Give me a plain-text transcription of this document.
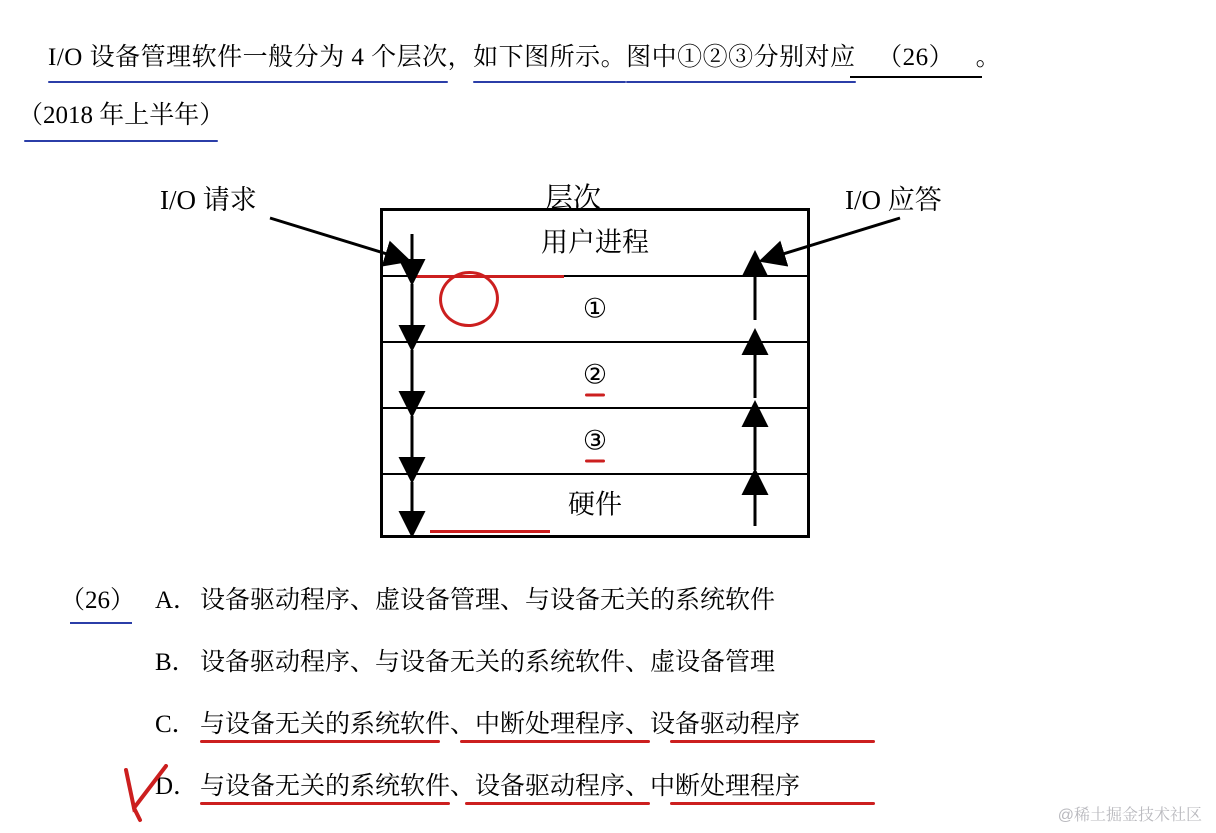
I/O 设备管理软件一般分为 4 个层次，如下图所示。图中①②③分别对应 （26） 。
（2018 年上半年）
I/O 请求	I/O 应答
层次
用户进程
①
②
③
硬件
（26） A． 设备驱动程序、虚设备管理、与设备无关的系统软件
B． 设备驱动程序、与设备无关的系统软件、虚设备管理
C． 与设备无关的系统软件、中断处理程序、设备驱动程序
D． 与设备无关的系统软件、设备驱动程序、中断处理程序
@稀土掘金技术社区
